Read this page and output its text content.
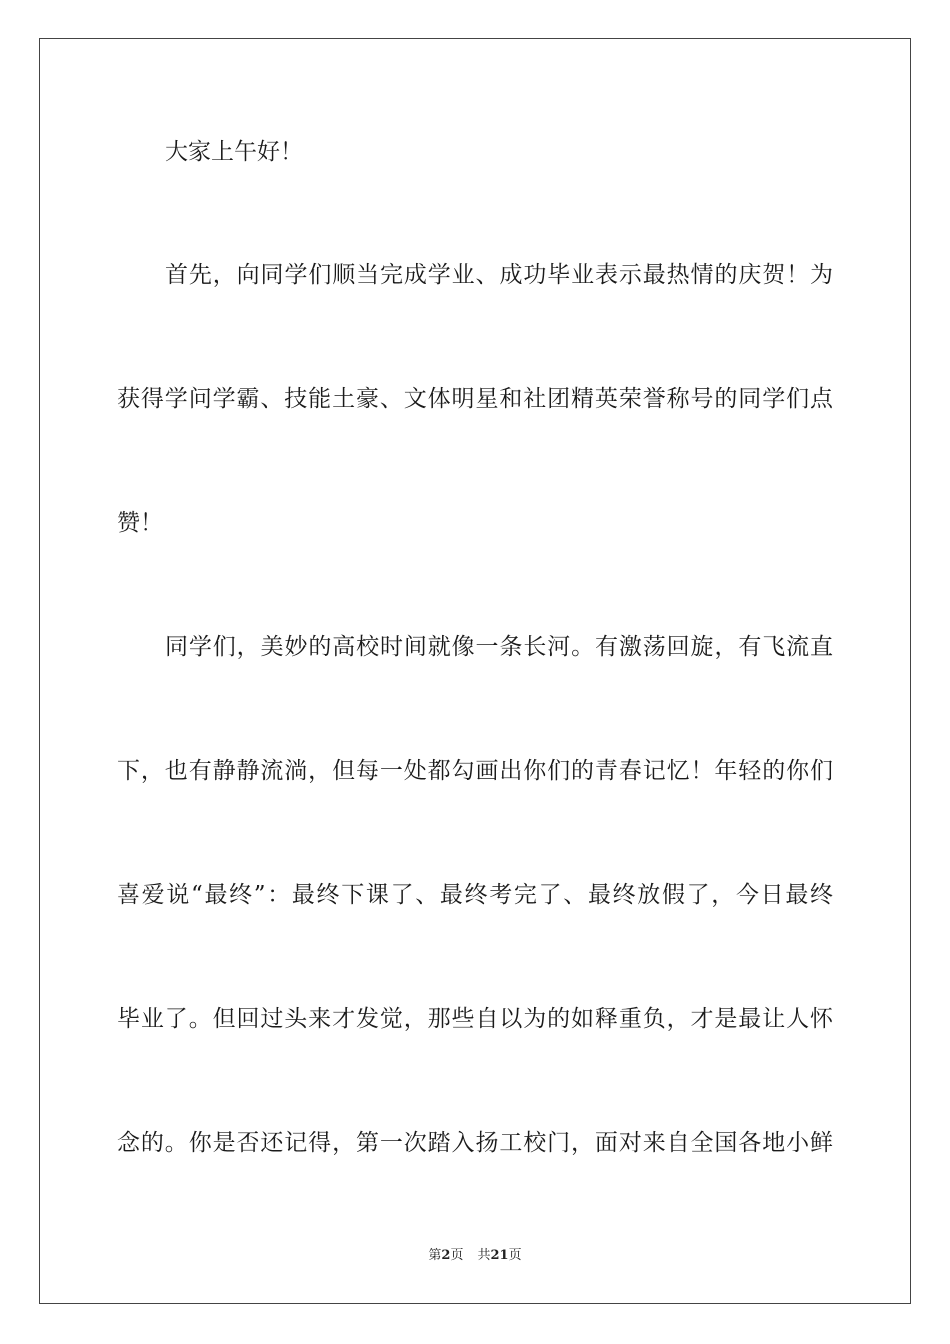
大家上午好！
首先，向同学们顺当完成学业、成功毕业表示最热情的庆贺！为
获得学问学霸、技能土豪、文体明星和社团精英荣誉称号的同学们点
赞！
同学们，美妙的高校时间就像一条长河。有激荡回旋，有飞流直
下，也有静静流淌，但每一处都勾画出你们的青春记忆！年轻的你们
喜爱说“最终”：最终下课了、最终考完了、最终放假了，今日最终
毕业了。但回过头来才发觉，那些自以为的如释重负，才是最让人怀
念的。你是否还记得，第一次踏入扬工校门，面对来自全国各地小鲜
第2页 共21页
